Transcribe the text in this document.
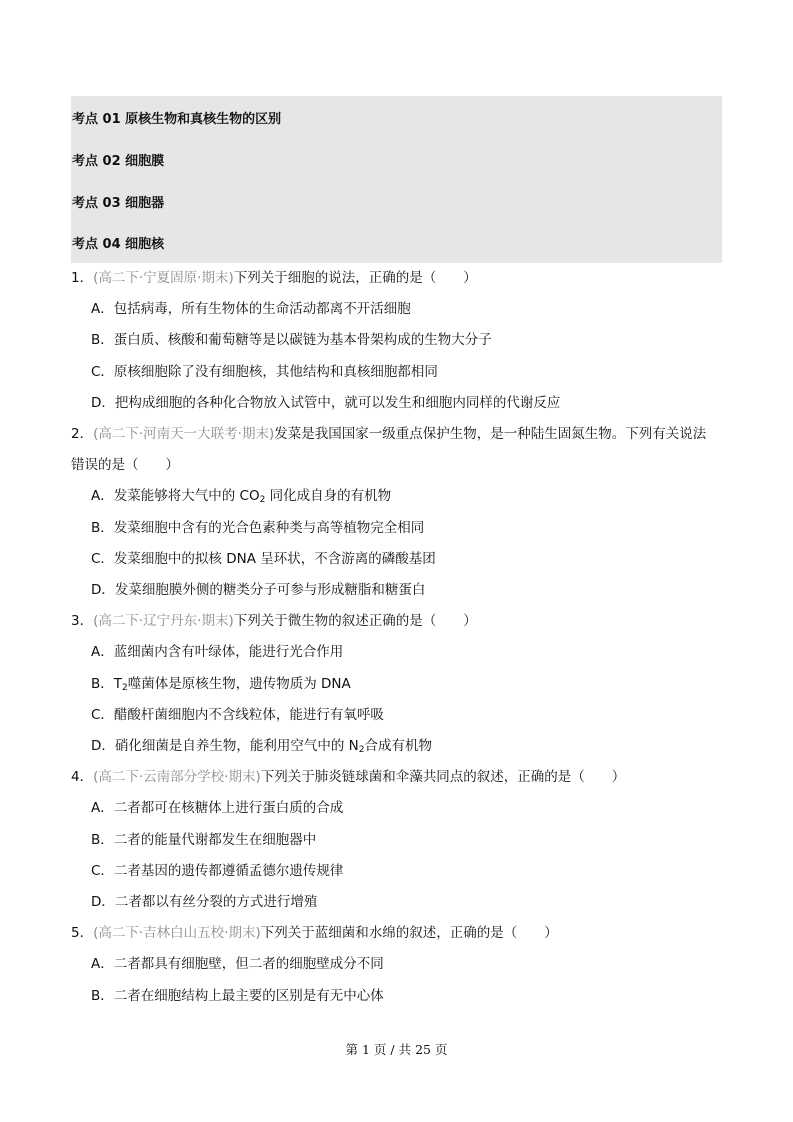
考点 01 原核生物和真核生物的区别
考点 02 细胞膜
考点 03 细胞器
考点 04 细胞核
1．(高二下·宁夏固原·期末)下列关于细胞的说法，正确的是（　　）
A．包括病毒，所有生物体的生命活动都离不开活细胞
B．蛋白质、核酸和葡萄糖等是以碳链为基本骨架构成的生物大分子
C．原核细胞除了没有细胞核，其他结构和真核细胞都相同
D．把构成细胞的各种化合物放入试管中，就可以发生和细胞内同样的代谢反应
2．(高二下·河南天一大联考·期末)发菜是我国国家一级重点保护生物，是一种陆生固氮生物。下列有关说法
错误的是（　　）
A．发菜能够将大气中的 $CO_2$ 同化成自身的有机物
B．发菜细胞中含有的光合色素种类与高等植物完全相同
C．发菜细胞中的拟核 DNA 呈环状，不含游离的磷酸基团
D．发菜细胞膜外侧的糖类分子可参与形成糖脂和糖蛋白
3．(高二下·辽宁丹东·期末)下列关于微生物的叙述正确的是（　　）
A．蓝细菌内含有叶绿体，能进行光合作用
B．$T_2$噬菌体是原核生物，遗传物质为 DNA
C．醋酸杆菌细胞内不含线粒体，能进行有氧呼吸
D．硝化细菌是自养生物，能利用空气中的 $N_2$合成有机物
4．(高二下·云南部分学校·期末)下列关于肺炎链球菌和伞藻共同点的叙述，正确的是（　　）
A．二者都可在核糖体上进行蛋白质的合成
B．二者的能量代谢都发生在细胞器中
C．二者基因的遗传都遵循孟德尔遗传规律
D．二者都以有丝分裂的方式进行增殖
5．(高二下·吉林白山五校·期末)下列关于蓝细菌和水绵的叙述，正确的是（　　）
A．二者都具有细胞壁，但二者的细胞壁成分不同
B．二者在细胞结构上最主要的区别是有无中心体
第 1 页 / 共 25 页
